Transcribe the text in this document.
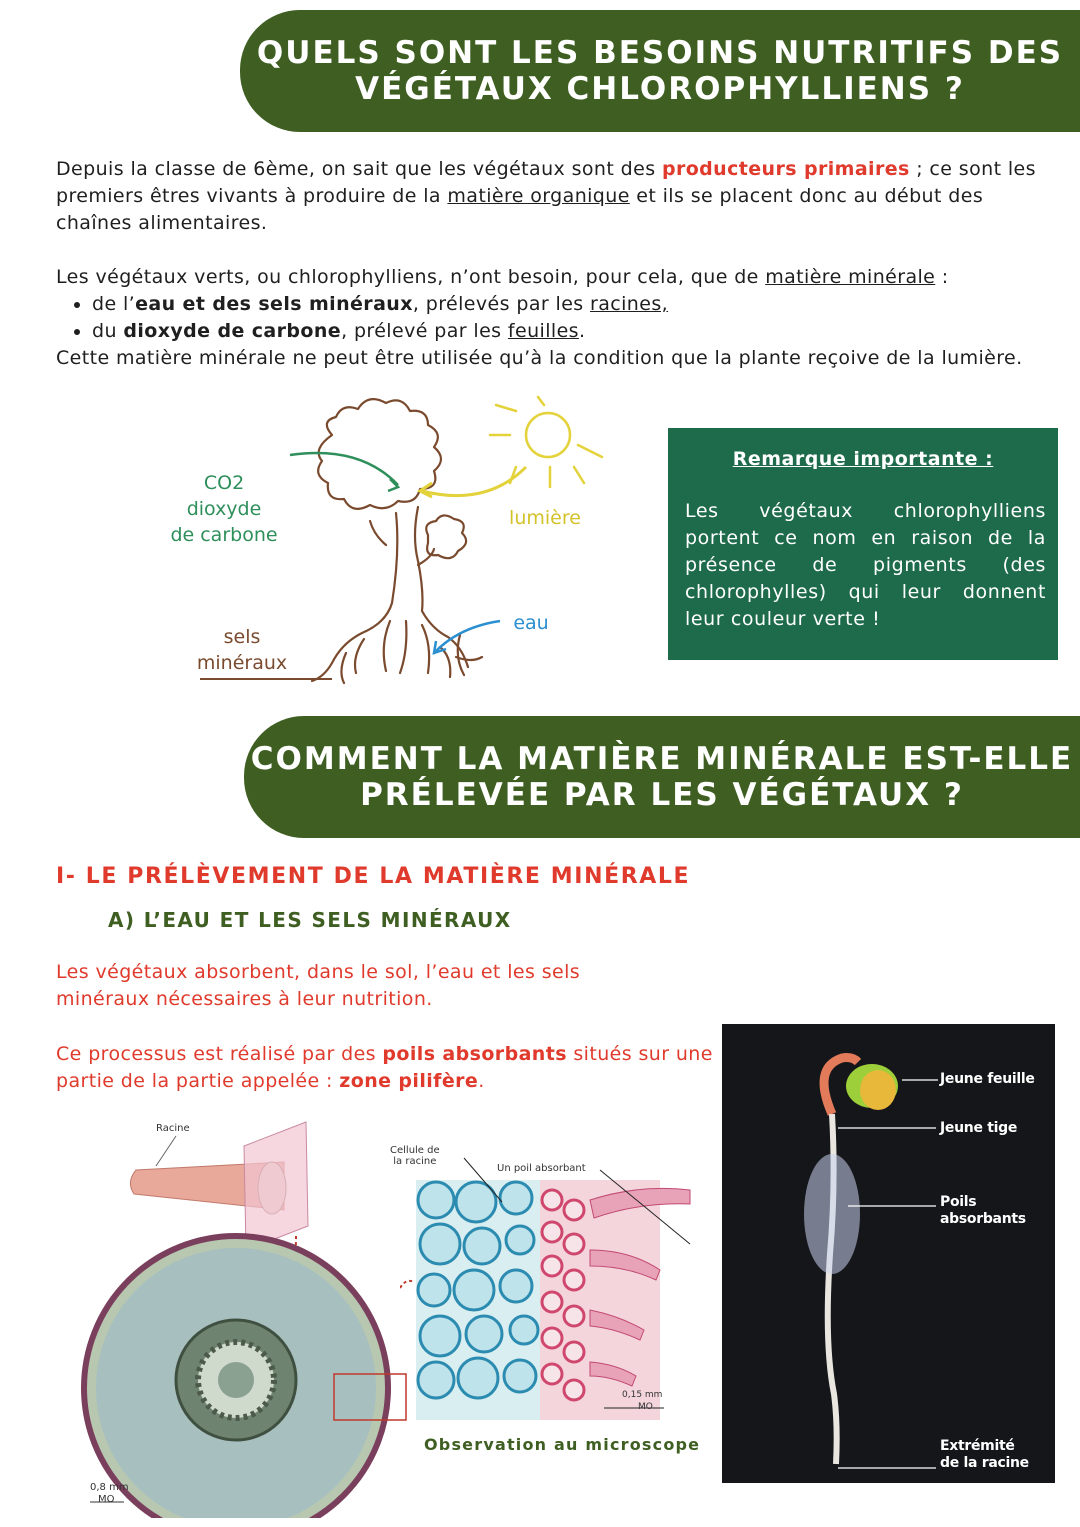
QUELS SONT LES BESOINS NUTRITIFS DES
VÉGÉTAUX CHLOROPHYLLIENS ?
Depuis la classe de 6ème, on sait que les végétaux sont des producteurs primaires ; ce sont les premiers êtres vivants à produire de la matière organique et ils se placent donc au début des chaînes alimentaires.
Les végétaux verts, ou chlorophylliens, n’ont besoin, pour cela, que de matière minérale :
• de l’eau et des sels minéraux, prélevés par les racines,
• du dioxyde de carbone, prélevé par les feuilles.
Cette matière minérale ne peut être utilisée qu’à la condition que la plante reçoive de la lumière.
CO2
dioxyde
de carbone
lumière
eau
sels
minéraux
Remarque importante :
Les végétaux chlorophylliens portent ce nom en raison de la présence de pigments (des chlorophylles) qui leur donnent leur couleur verte !
COMMENT LA MATIÈRE MINÉRALE EST-ELLE
PRÉLEVÉE PAR LES VÉGÉTAUX ?
I- LE PRÉLÈVEMENT DE LA MATIÈRE MINÉRALE
A) L’EAU ET LES SELS MINÉRAUX
Les végétaux absorbent, dans le sol, l’eau et les sels minéraux nécessaires à leur nutrition.
Ce processus est réalisé par des poils absorbants situés sur une partie de la partie appelée : zone pilifère.
Racine
0,8 mm
MO
Cellule de
la racine
Un poil absorbant
0,15 mm
MO
Observation au microscope
Jeune feuille
Jeune tige
Poils
absorbants
Extrémité
de la racine
